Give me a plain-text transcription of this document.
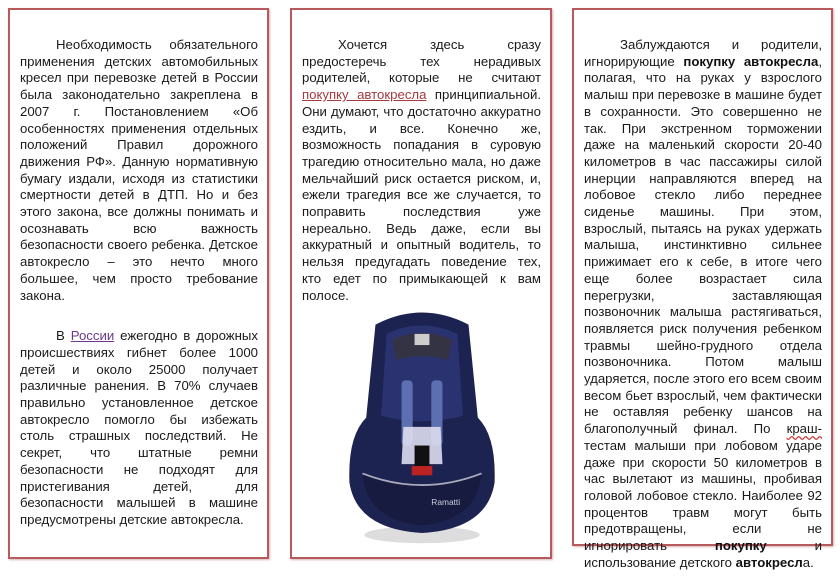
Необходимость обязательного применения детских автомобильных кресел при перевозке детей в России была законодательно закреплена в 2007 г. Постановлением «Об особенностях применения отдельных положений Правил дорожного движения РФ». Данную нормативную бумагу издали, исходя из статистики смертности детей в ДТП. Но и без этого закона, все должны понимать и осознавать всю важность безопасности своего ребенка. Детское автокресло – это нечто много большее, чем просто требование закона.

В России ежегодно в дорожных происшествиях гибнет более 1000 детей и около 25000 получает различные ранения. В 70% случаев правильно установленное детское автокресло помогло бы избежать столь страшных последствий. Не секрет, что штатные ремни безопасности не подходят для пристегивания детей, для безопасности малышей в машине предусмотрены детские автокресла.

Хочется здесь сразу предостеречь тех нерадивых родителей, которые не считают покупку автокресла принципиальной. Они думают, что достаточно аккуратно ездить, и все. Конечно же, возможность попадания в суровую трагедию относительно мала, но даже мельчайший риск остается риском, и, ежели трагедия все же случается, то поправить последствия уже нереально. Ведь даже, если вы аккуратный и опытный водитель, то нельзя предугадать поведение тех, кто едет по примыкающей к вам полосе.

Ramatti

Заблуждаются и родители, игнорирующие покупку автокресла, полагая, что на руках у взрослого малыш при перевозке в машине будет в сохранности. Это совершенно не так. При экстренном торможении даже на маленький скорости 20-40 километров в час пассажиры силой инерции направляются вперед на лобовое стекло либо переднее сиденье машины. При этом, взрослый, пытаясь на руках удержать малыша, инстинктивно сильнее прижимает его к себе, в итоге чего еще более возрастает сила перегрузки, заставляющая позвоночник малыша растягиваться, появляется риск получения ребенком травмы шейно-грудного отдела позвоночника. Потом малыш ударяется, после этого его всем своим весом бьет взрослый, чем фактически не оставляя ребенку шансов на благополучный финал. По краш-тестам малыши при лобовом ударе даже при скорости 50 километров в час вылетают из машины, пробивая головой лобовое стекло. Наиболее 92 процентов травм могут быть предотвращены, если не игнорировать покупку и использование детского автокресла.
